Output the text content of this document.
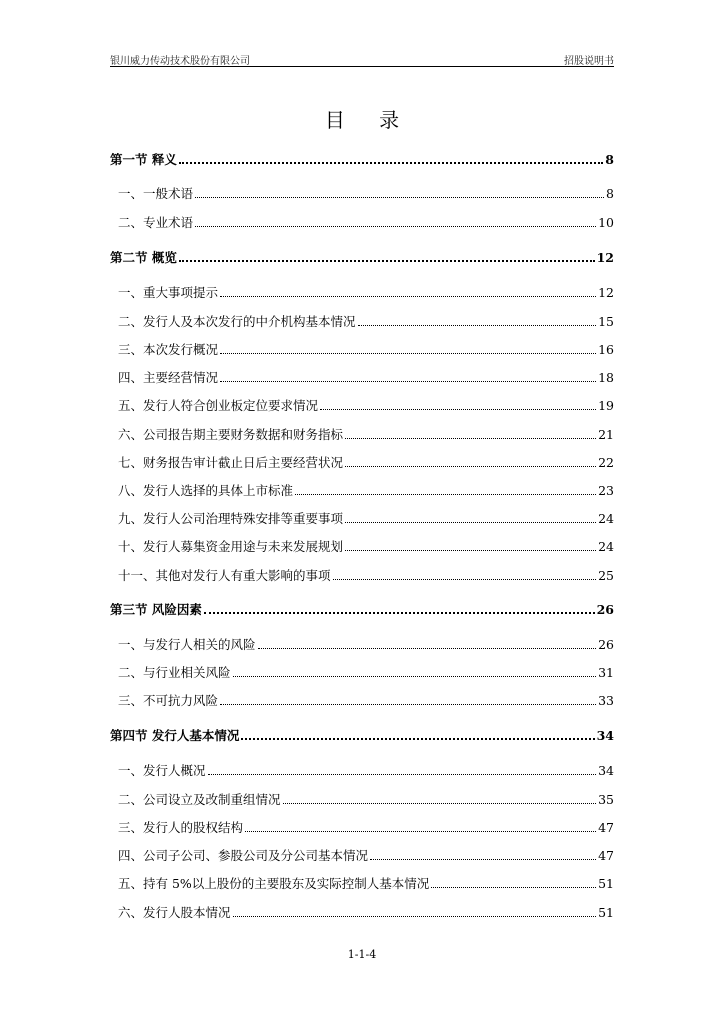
银川威力传动技术股份有限公司	招股说明书
目 录
第一节 释义	8
一、一般术语	8
二、专业术语	10
第二节 概览	12
一、重大事项提示	12
二、发行人及本次发行的中介机构基本情况	15
三、本次发行概况	16
四、主要经营情况	18
五、发行人符合创业板定位要求情况	19
六、公司报告期主要财务数据和财务指标	21
七、财务报告审计截止日后主要经营状况	22
八、发行人选择的具体上市标准	23
九、发行人公司治理特殊安排等重要事项	24
十、发行人募集资金用途与未来发展规划	24
十一、其他对发行人有重大影响的事项	25
第三节 风险因素	26
一、与发行人相关的风险	26
二、与行业相关风险	31
三、不可抗力风险	33
第四节 发行人基本情况	34
一、发行人概况	34
二、公司设立及改制重组情况	35
三、发行人的股权结构	47
四、公司子公司、参股公司及分公司基本情况	47
五、持有 5%以上股份的主要股东及实际控制人基本情况	51
六、发行人股本情况	51
1-1-4
